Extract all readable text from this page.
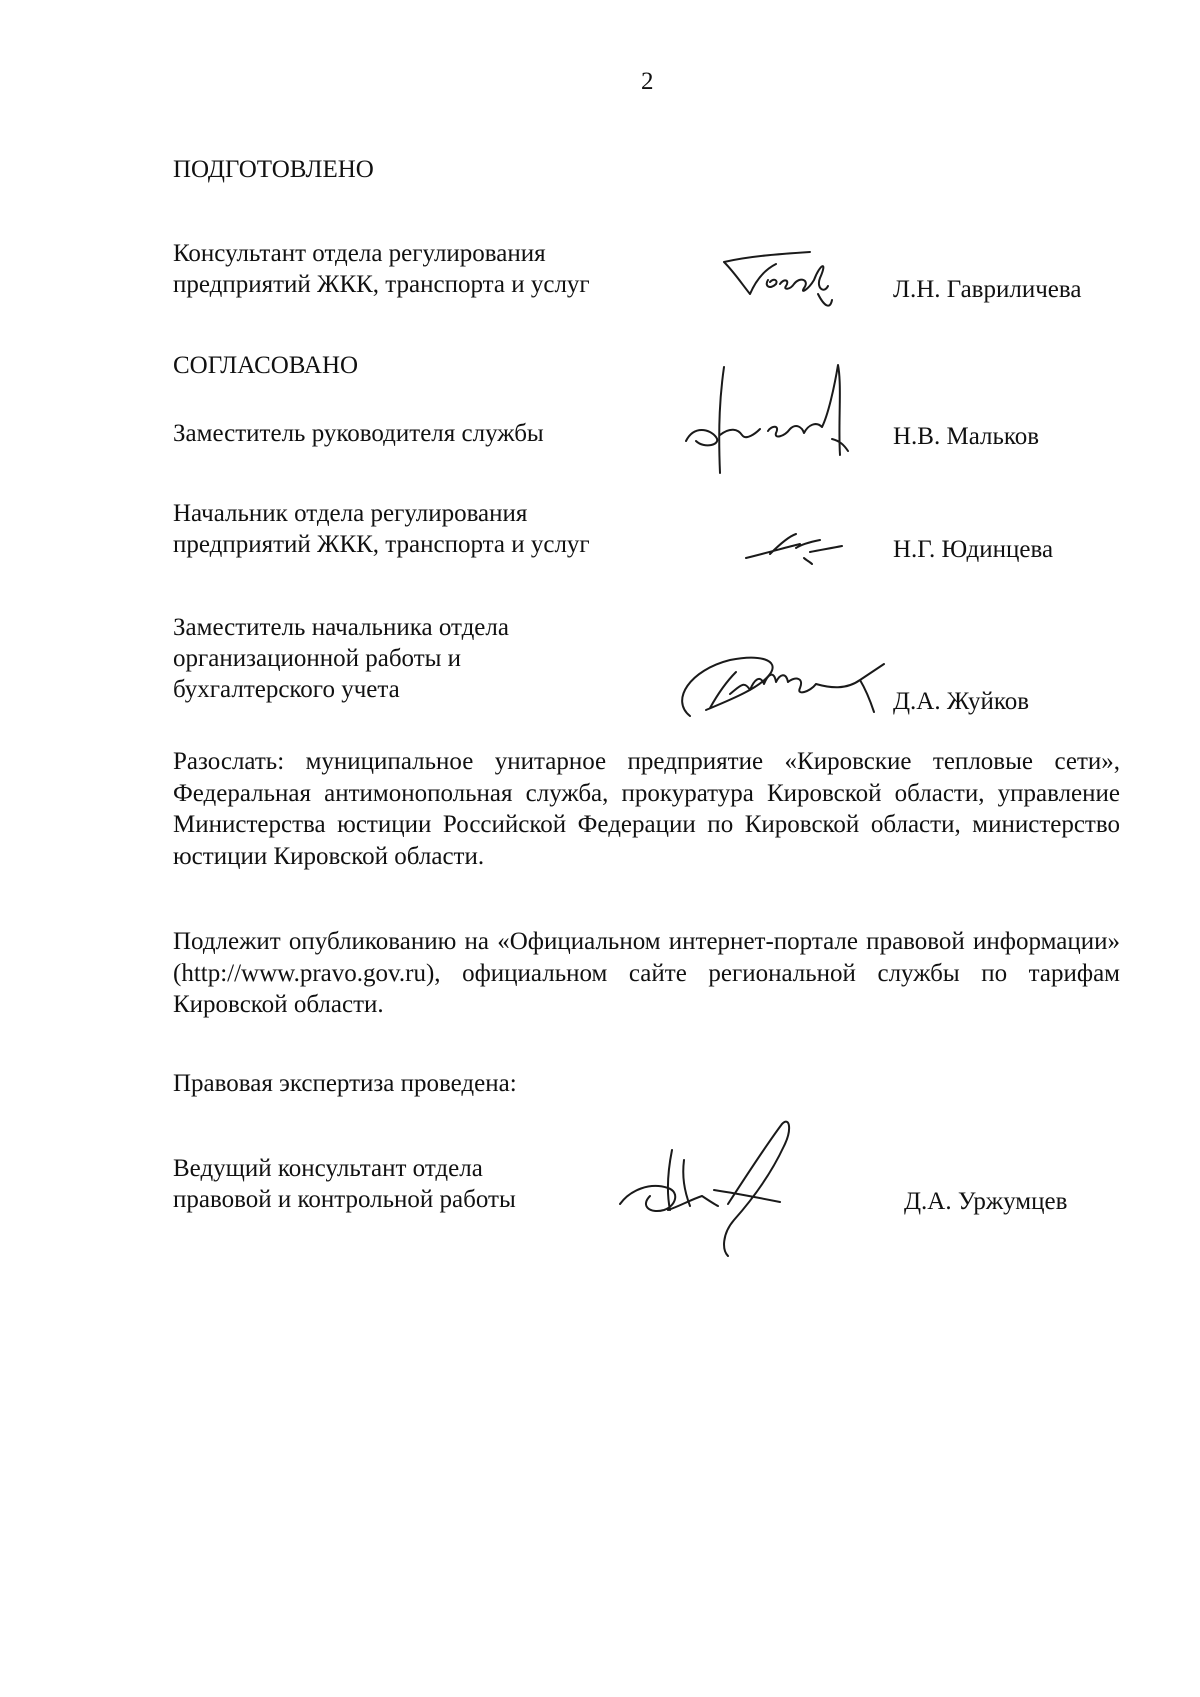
2
ПОДГОТОВЛЕНО
Консультант отдела регулирования
предприятий ЖКК, транспорта и услуг	Л.Н. Гавриличева
СОГЛАСОВАНО
Заместитель руководителя службы	Н.В. Мальков
Начальник отдела регулирования
предприятий ЖКК, транспорта и услуг	Н.Г. Юдинцева
Заместитель начальника отдела
организационной работы и
бухгалтерского учета	Д.А. Жуйков
Разослать: муниципальное унитарное предприятие «Кировские тепловые сети», Федеральная антимонопольная служба, прокуратура Кировской области, управление Министерства юстиции Российской Федерации по Кировской области, министерство юстиции Кировской области.
Подлежит опубликованию на «Официальном интернет-портале правовой информации» (http://www.pravo.gov.ru), официальном сайте региональной службы по тарифам Кировской области.
Правовая экспертиза проведена:
Ведущий консультант отдела
правовой и контрольной работы	Д.А. Уржумцев
